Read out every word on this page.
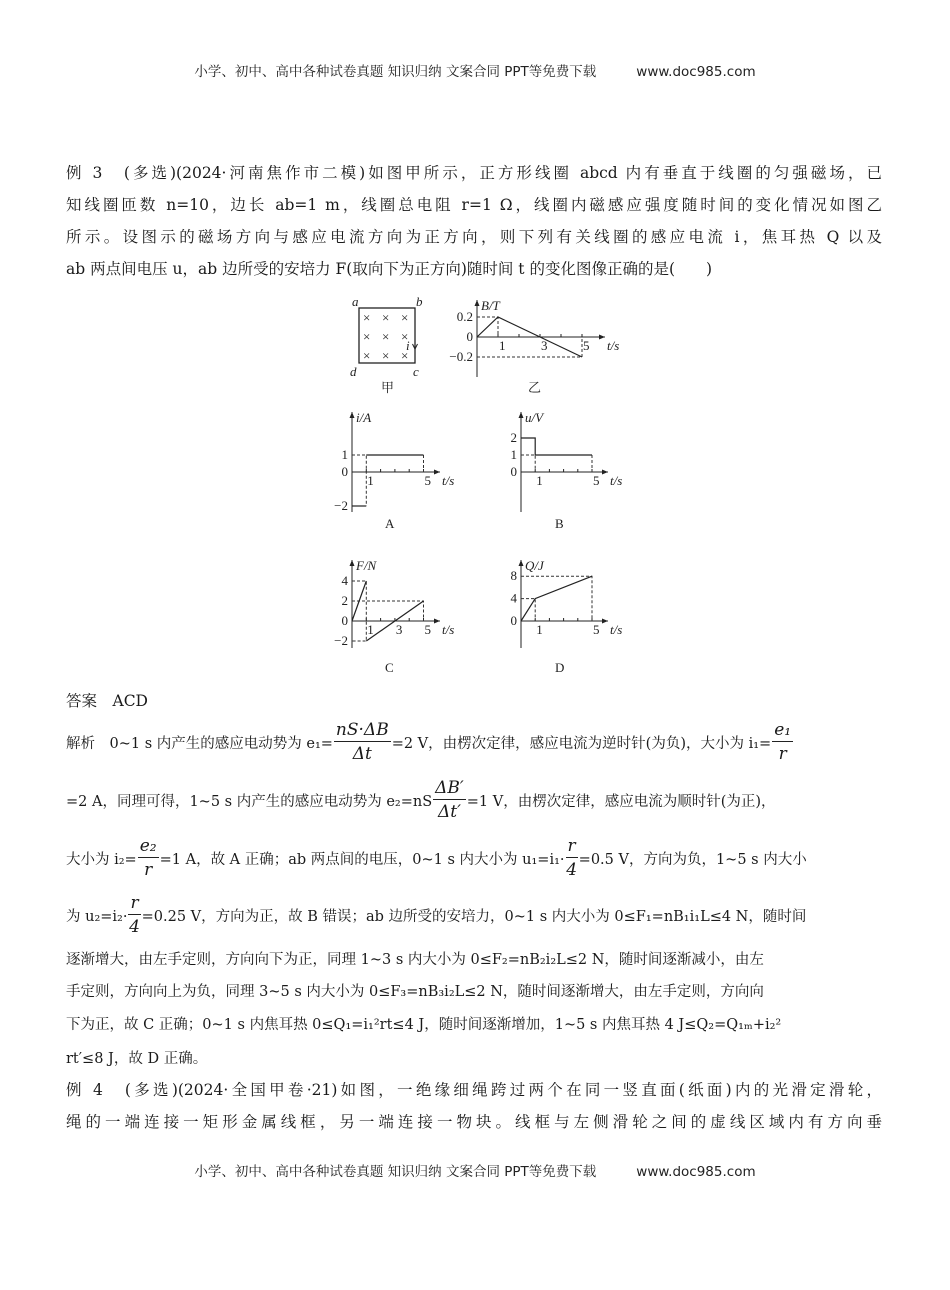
小学、初中、高中各种试卷真题 知识归纳 文案合同 PPT等免费下载	www.doc985.com
例 3　(多选)(2024·河南焦作市二模)如图甲所示，正方形线圈 abcd 内有垂直于线圈的匀强磁场，已
知线圈匝数 n=10，边长 ab=1 m，线圈总电阻 r=1 Ω，线圈内磁感应强度随时间的变化情况如图乙
所示。设图示的磁场方向与感应电流方向为正方向，则下列有关线圈的感应电流 i，焦耳热 Q 以及
ab 两点间电压 u，ab 边所受的安培力 F(取向下为正方向)随时间 t 的变化图像正确的是(　　)
×
×
×
×
×
×
×
×
×
a	b
c
d
i
甲
0.2
0
−0.2
1	3	5
B/T
t/s
乙
1
0
−2
1	5
i/A
t/s
A
2
1
0
1	5
u/V
t/s
B
4
2
0
−2
1 3 5
F/N
t/s
C
8
4
0
1	5
Q/J
t/s
D
答案　ACD
解析　0~1 s 内产生的感应电动势为 $e_1= \frac{nS\cdot\Delta B}{\Delta t} =2$ V，由楞次定律，感应电流为逆时针(为负)，大小为 $i_1= \frac{\text{e₁}}{r}$
=2 A，同理可得，1~5 s 内产生的感应电动势为 $e_2=nS \frac{\Delta B'}{\Delta t'} =1$ V，由楞次定律，感应电流为顺时针(为正)，
大小为 $i_2= \frac{\text{e₂}}{r} =1$ A，故 A 正确；ab 两点间的电压，0~1 s 内大小为 $u_1=i_1\cdot \frac{r}{4} =0.5$ V，方向为负，1~5 s 内大小
为 $u_2=i_2\cdot \frac{r}{4} =0.25$ V，方向为正，故 B 错误；ab 边所受的安培力，0~1 s 内大小为 0≤F₁=nB₁i₁L≤4 N，随时间
逐渐增大，由左手定则，方向向下为正，同理 1~3 s 内大小为 0≤F₂=nB₂i₂L≤2 N，随时间逐渐减小，由左
手定则，方向向上为负，同理 3~5 s 内大小为 0≤F₃=nB₃i₂L≤2 N，随时间逐渐增大，由左手定则，方向向
下为正，故 C 正确；0~1 s 内焦耳热 0≤Q₁=i₁²rt≤4 J，随时间逐渐增加，1~5 s 内焦耳热 4 J≤Q₂=Q₁ₘ+i₂²
rt′≤8 J，故 D 正确。
例 4　(多选)(2024·全国甲卷·21)如图，一绝缘细绳跨过两个在同一竖直面(纸面)内的光滑定滑轮，
绳的一端连接一矩形金属线框，另一端连接一物块。线框与左侧滑轮之间的虚线区域内有方向垂
小学、初中、高中各种试卷真题 知识归纳 文案合同 PPT等免费下载	www.doc985.com
